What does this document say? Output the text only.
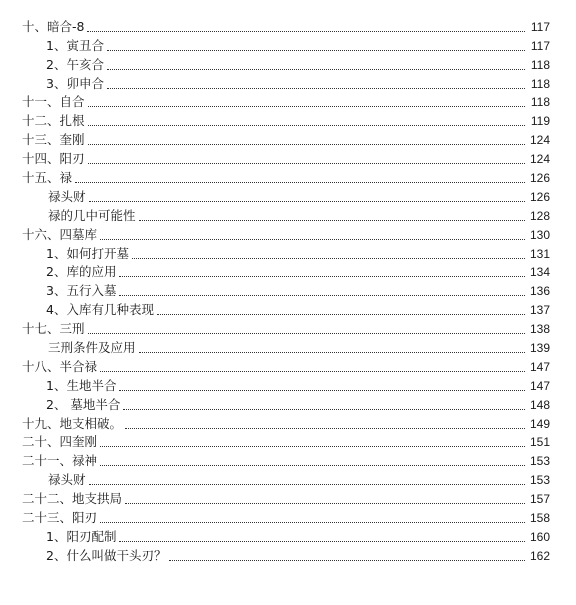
十、暗合-8	117
1、寅丑合	117
2、午亥合	118
3、卯申合	118
十一、自合	118
十二、扎根	119
十三、奎刚	124
十四、阳刃	124
十五、禄	126
禄头财	126
禄的几中可能性	128
十六、四墓库	130
1、如何打开墓	131
2、库的应用	134
3、五行入墓	136
4、入库有几种表现	137
十七、三刑	138
三刑条件及应用	139
十八、半合禄	147
1、生地半合	147
2、 墓地半合	148
十九、地支相破。	149
二十、四奎刚	151
二十一、禄神	153
禄头财	153
二十二、地支拱局	157
二十三、阳刃	158
1、阳刃配制	160
2、什么叫做干头刃？	162
